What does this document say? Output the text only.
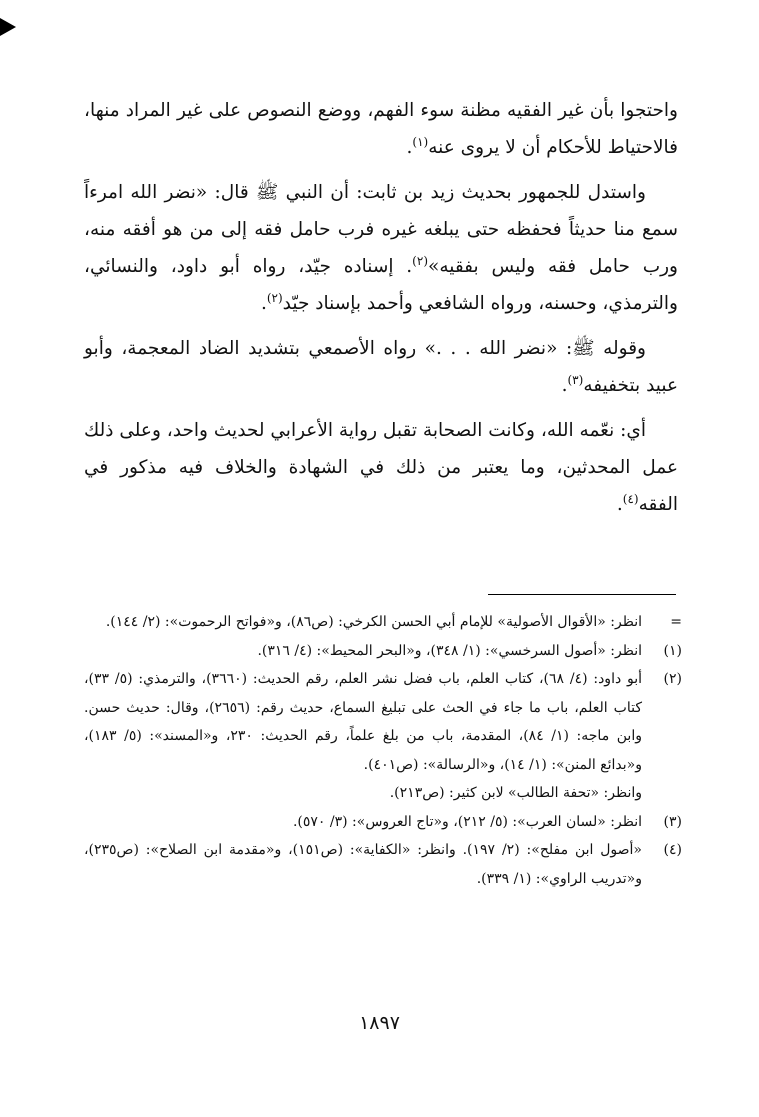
واحتجوا بأن غير الفقيه مظنة سوء الفهم، ووضع النصوص على غير المراد منها، فالاحتياط للأحكام أن لا يروى عنه$^{(١)}$.

واستدل للجمهور بحديث زيد بن ثابت: أن النبي ﷺ قال: «نضر الله امرءاً سمع منا حديثاً فحفظه حتى يبلغه غيره فرب حامل فقه إلى من هو أفقه منه، ورب حامل فقه وليس بفقيه»$^{(٢)}$. إسناده جيّد، رواه أبو داود، والنسائي، والترمذي، وحسنه، ورواه الشافعي وأحمد بإسناد جيّد$^{(٢)}$.

وقوله ﷺ: «نضر الله . . .» رواه الأصمعي بتشديد الضاد المعجمة، وأبو عبيد بتخفيفه$^{(٣)}$.

أي: نعّمه الله، وكانت الصحابة تقبل رواية الأعرابي لحديث واحد، وعلى ذلك عمل المحدثين، وما يعتبر من ذلك في الشهادة والخلاف فيه مذكور في الفقه$^{(٤)}$.

=
انظر: «الأقوال الأصولية» للإمام أبي الحسن الكرخي: (ص٨٦)، و«فواتح الرحموت»: (٢/ ١٤٤).
(١)
انظر: «أصول السرخسي»: (١/ ٣٤٨)، و«البحر المحيط»: (٤/ ٣١٦).
(٢)
أبو داود: (٤/ ٦٨)، كتاب العلم، باب فضل نشر العلم، رقم الحديث: (٣٦٦٠)، والترمذي: (٥/ ٣٣)، كتاب العلم، باب ما جاء في الحث على تبليغ السماع، حديث رقم: (٢٦٥٦)، وقال: حديث حسن. وابن ماجه: (١/ ٨٤)، المقدمة، باب من بلغ علماً، رقم الحديث: ٢٣٠، و«المسند»: (٥/ ١٨٣)، و«بدائع المنن»: (١/ ١٤)، و«الرسالة»: (ص٤٠١).
وانظر: «تحفة الطالب» لابن كثير: (ص٢١٣).
(٣)
انظر: «لسان العرب»: (٥/ ٢١٢)، و«تاج العروس»: (٣/ ٥٧٠).
(٤)
«أصول ابن مفلح»: (٢/ ١٩٧). وانظر: «الكفاية»: (ص١٥١)، و«مقدمة ابن الصلاح»: (ص٢٣٥)، و«تدريب الراوي»: (١/ ٣٣٩).
١٨٩٧
